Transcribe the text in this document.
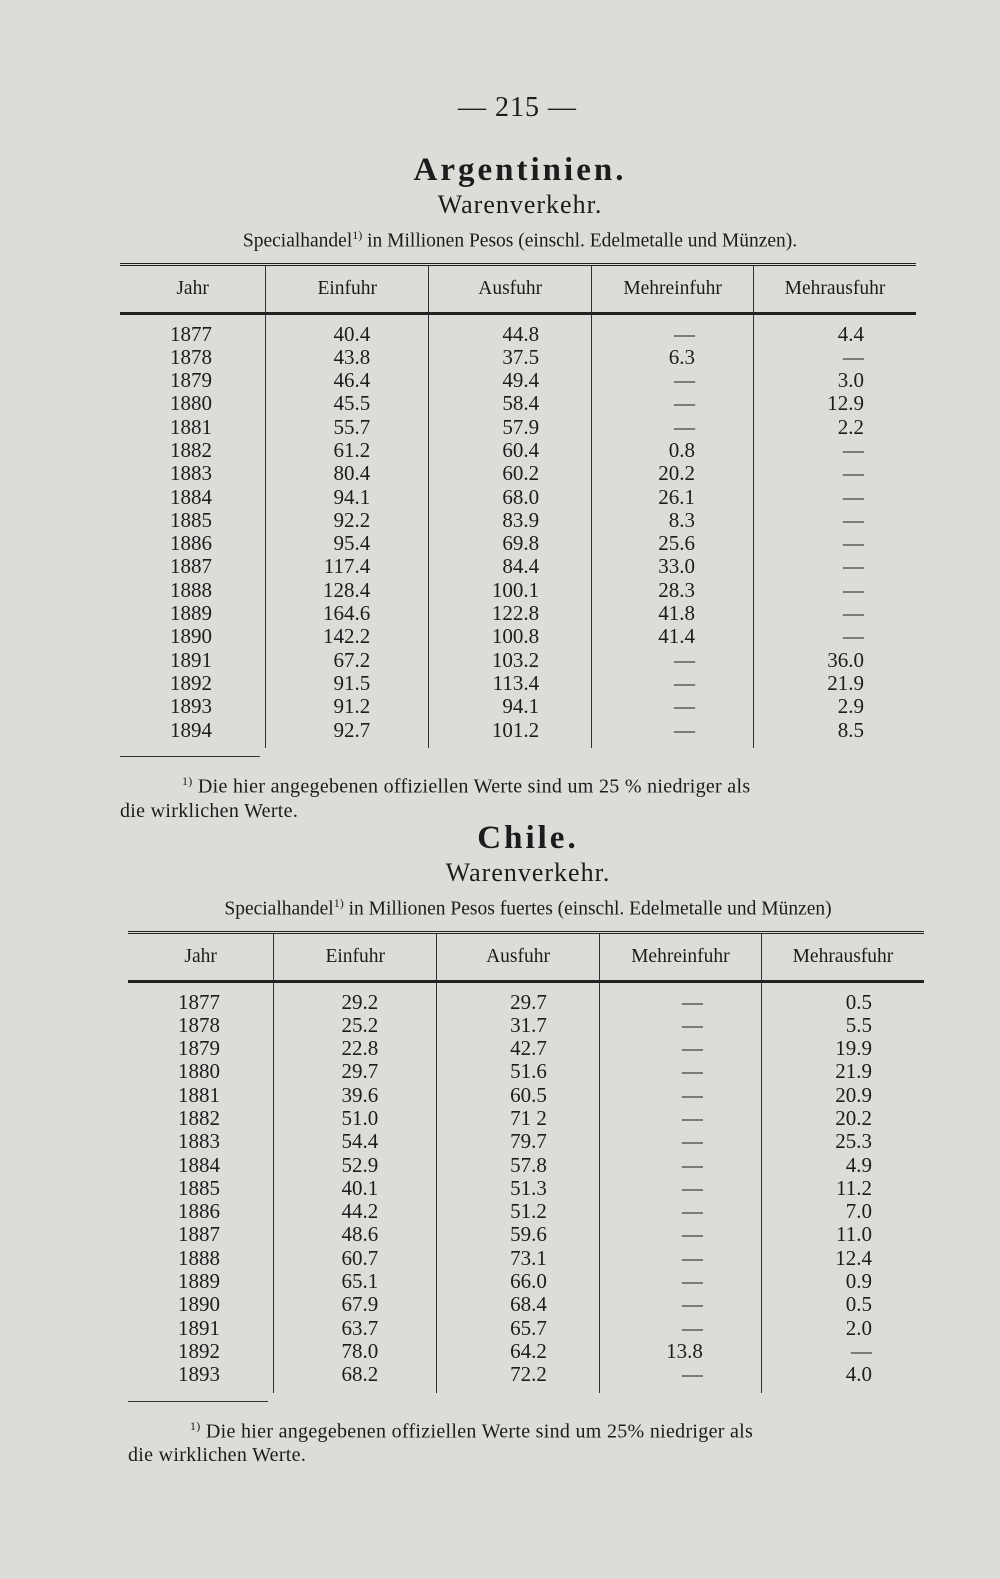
— 215 —
Argentinien.
Warenverkehr.
Specialhandel$^{1)}$ in Millionen Pesos (einschl. Edelmetalle und Münzen).
Jahr	Einfuhr	Ausfuhr	Mehreinfuhr	Mehrausfuhr
1877	40.4	44.8	—	4.4
1878	43.8	37.5	6.3	—
1879	46.4	49.4	—	3.0
1880	45.5	58.4	—	12.9
1881	55.7	57.9	—	2.2
1882	61.2	60.4	0.8	—
1883	80.4	60.2	20.2	—
1884	94.1	68.0	26.1	—
1885	92.2	83.9	8.3	—
1886	95.4	69.8	25.6	—
1887	117.4	84.4	33.0	—
1888	128.4	100.1	28.3	—
1889	164.6	122.8	41.8	—
1890	142.2	100.8	41.4	—
1891	67.2	103.2	—	36.0
1892	91.5	113.4	—	21.9
1893	91.2	94.1	—	2.9
1894	92.7	101.2	—	8.5
$^{1)}$ Die hier angegebenen offiziellen Werte sind um 25 % niedriger als
die wirklichen Werte.
Chile.
Warenverkehr.
Specialhandel$^{1)}$ in Millionen Pesos fuertes (einschl. Edelmetalle und Münzen)
Jahr	Einfuhr	Ausfuhr	Mehreinfuhr	Mehrausfuhr
1877	29.2	29.7	—	0.5
1878	25.2	31.7	—	5.5
1879	22.8	42.7	—	19.9
1880	29.7	51.6	—	21.9
1881	39.6	60.5	—	20.9
1882	51.0	71 2	—	20.2
1883	54.4	79.7	—	25.3
1884	52.9	57.8	—	4.9
1885	40.1	51.3	—	11.2
1886	44.2	51.2	—	7.0
1887	48.6	59.6	—	11.0
1888	60.7	73.1	—	12.4
1889	65.1	66.0	—	0.9
1890	67.9	68.4	—	0.5
1891	63.7	65.7	—	2.0
1892	78.0	64.2	13.8	—
1893	68.2	72.2	—	4.0
$^{1)}$ Die hier angegebenen offiziellen Werte sind um 25% niedriger als
die wirklichen Werte.
